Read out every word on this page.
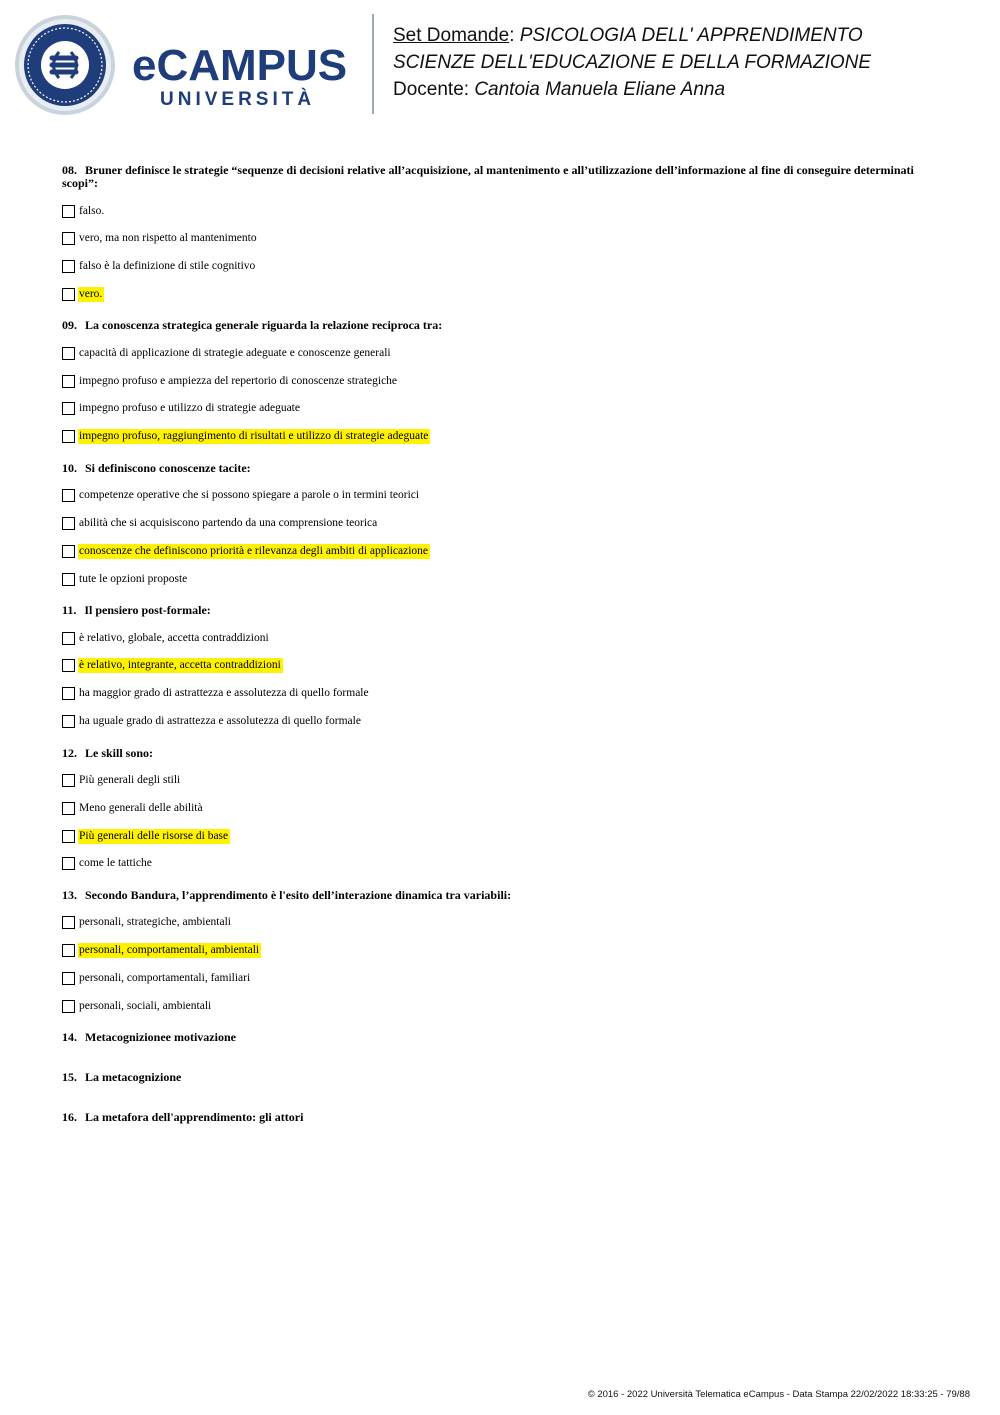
eCAMPUS
UNIVERSITÀ
Set Domande: PSICOLOGIA DELL' APPRENDIMENTO
SCIENZE DELL'EDUCAZIONE E DELLA FORMAZIONE
Docente: Cantoia Manuela Eliane Anna
08. Bruner definisce le strategie “sequenze di decisioni relative all’acquisizione, al mantenimento e all’utilizzazione dell’informazione al fine di conseguire determinati scopi”:
falso.
vero, ma non rispetto al mantenimento
falso è la definizione di stile cognitivo
vero.
09. La conoscenza strategica generale riguarda la relazione reciproca tra:
capacità di applicazione di strategie adeguate e conoscenze generali
impegno profuso e ampiezza del repertorio di conoscenze strategiche
impegno profuso e utilizzo di strategie adeguate
impegno profuso, raggiungimento di risultati e utilizzo di strategie adeguate
10. Si definiscono conoscenze tacite:
competenze operative che si possono spiegare a parole o in termini teorici
abilità che si acquisiscono partendo da una comprensione teorica
conoscenze che definiscono priorità e rilevanza degli ambiti di applicazione
tute le opzioni proposte
11. Il pensiero post-formale:
è relativo, globale, accetta contraddizioni
è relativo, integrante, accetta contraddizioni
ha maggior grado di astrattezza e assolutezza di quello formale
ha uguale grado di astrattezza e assolutezza di quello formale
12. Le skill sono:
Più generali degli stili
Meno generali delle abilità
Più generali delle risorse di base
come le tattiche
13. Secondo Bandura, l’apprendimento è l'esito dell’interazione dinamica tra variabili:
personali, strategiche, ambientali
personali, comportamentali, ambientali
personali, comportamentali, familiari
personali, sociali, ambientali
14. Metacognizionee motivazione
15. La metacognizione
16. La metafora dell'apprendimento: gli attori
© 2016 - 2022 Università Telematica eCampus - Data Stampa 22/02/2022 18:33:25 - 79/88
